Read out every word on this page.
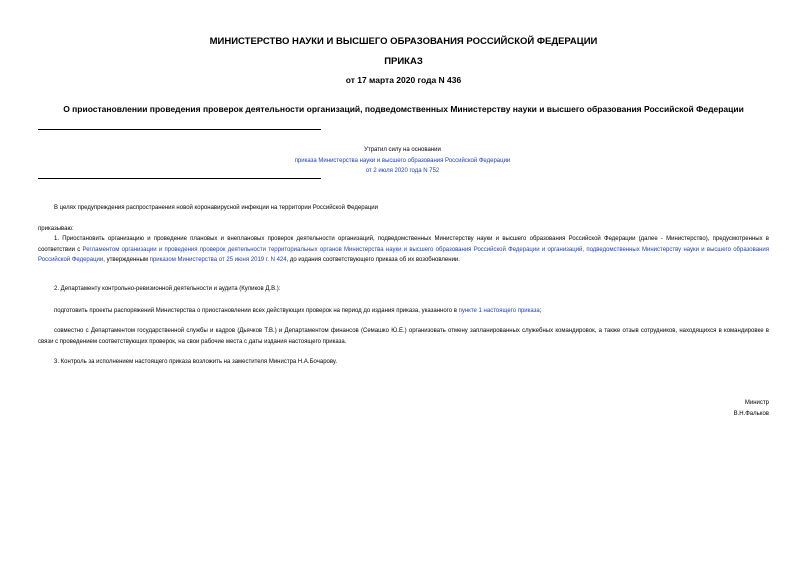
МИНИСТЕРСТВО НАУКИ И ВЫСШЕГО ОБРАЗОВАНИЯ РОССИЙСКОЙ ФЕДЕРАЦИИ
ПРИКАЗ
от 17 марта 2020 года N 436
О приостановлении проведения проверок деятельности организаций, подведомственных Министерству науки и высшего образования Российской Федерации
Утратил силу на основании
приказа Министерства науки и высшего образования Российской Федерации
от 2 июля 2020 года N 752
В целях предупреждения распространения новой коронавирусной инфекции на территории Российской Федерации
приказываю:
1. Приостановить организацию и проведение плановых и внеплановых проверок деятельности организаций, подведомственных Министерству науки и высшего образования Российской Федерации (далее - Министерство), предусмотренных в соответствии с Регламентом организации и проведения проверок деятельности территориальных органов Министерства науки и высшего образования Российской Федерации и организаций, подведомственных Министерству науки и высшего образования Российской Федерации, утвержденным приказом Министерства от 25 июня 2019 г. N 424, до издания соответствующего приказа об их возобновлении.
2. Департаменту контрольно-ревизионной деятельности и аудита (Куликов Д.В.):
подготовить проекты распоряжений Министерства о приостановлении всех действующих проверок на период до издания приказа, указанного в пункте 1 настоящего приказа;
совместно с Департаментом государственной службы и кадров (Дьячков Т.В.) и Департаментом финансов (Семашко Ю.Е.) организовать отмену запланированных служебных командировок, а также отзыв сотрудников, находящихся в командировке в связи с проведением соответствующих проверок, на свои рабочие места с даты издания настоящего приказа.
3. Контроль за исполнением настоящего приказа возложить на заместителя Министра Н.А.Бочарову.
Министр
В.Н.Фальков
